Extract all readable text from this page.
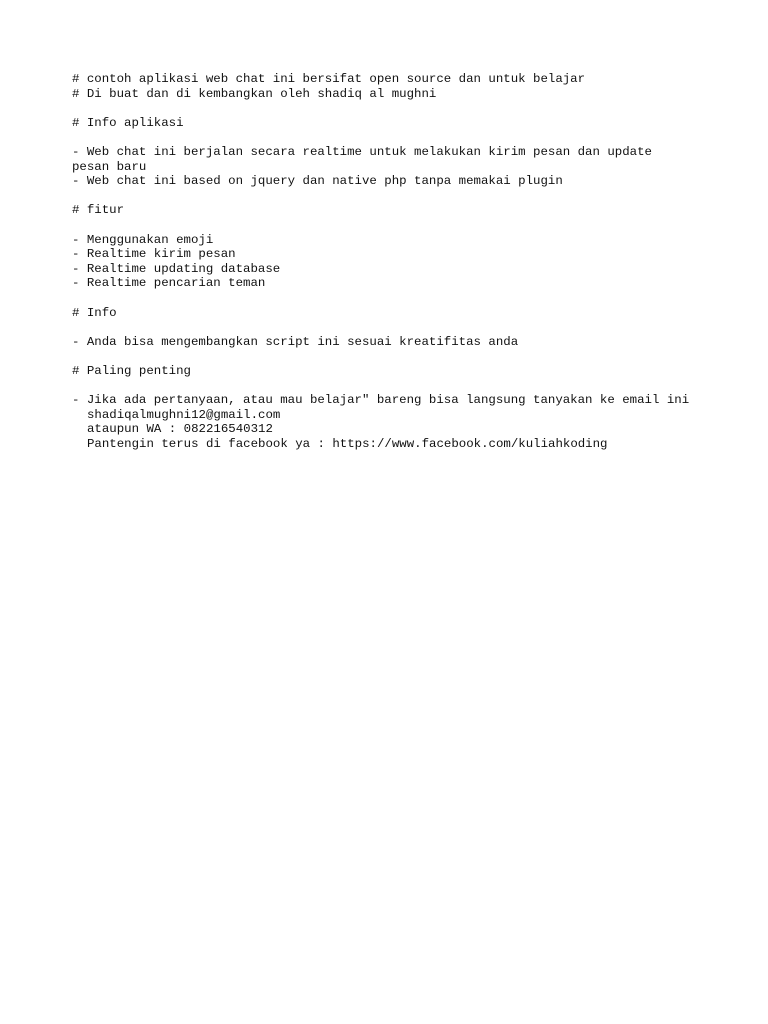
# contoh aplikasi web chat ini bersifat open source dan untuk belajar
# Di buat dan di kembangkan oleh shadiq al mughni
# Info aplikasi
- Web chat ini berjalan secara realtime untuk melakukan kirim pesan dan update
pesan baru
- Web chat ini based on jquery dan native php tanpa memakai plugin
# fitur
- Menggunakan emoji
- Realtime kirim pesan
- Realtime updating database
- Realtime pencarian teman
# Info
- Anda bisa mengembangkan script ini sesuai kreatifitas anda
# Paling penting
- Jika ada pertanyaan, atau mau belajar" bareng bisa langsung tanyakan ke email ini
shadiqalmughni12@gmail.com
ataupun WA : 082216540312
Pantengin terus di facebook ya : https://www.facebook.com/kuliahkoding
